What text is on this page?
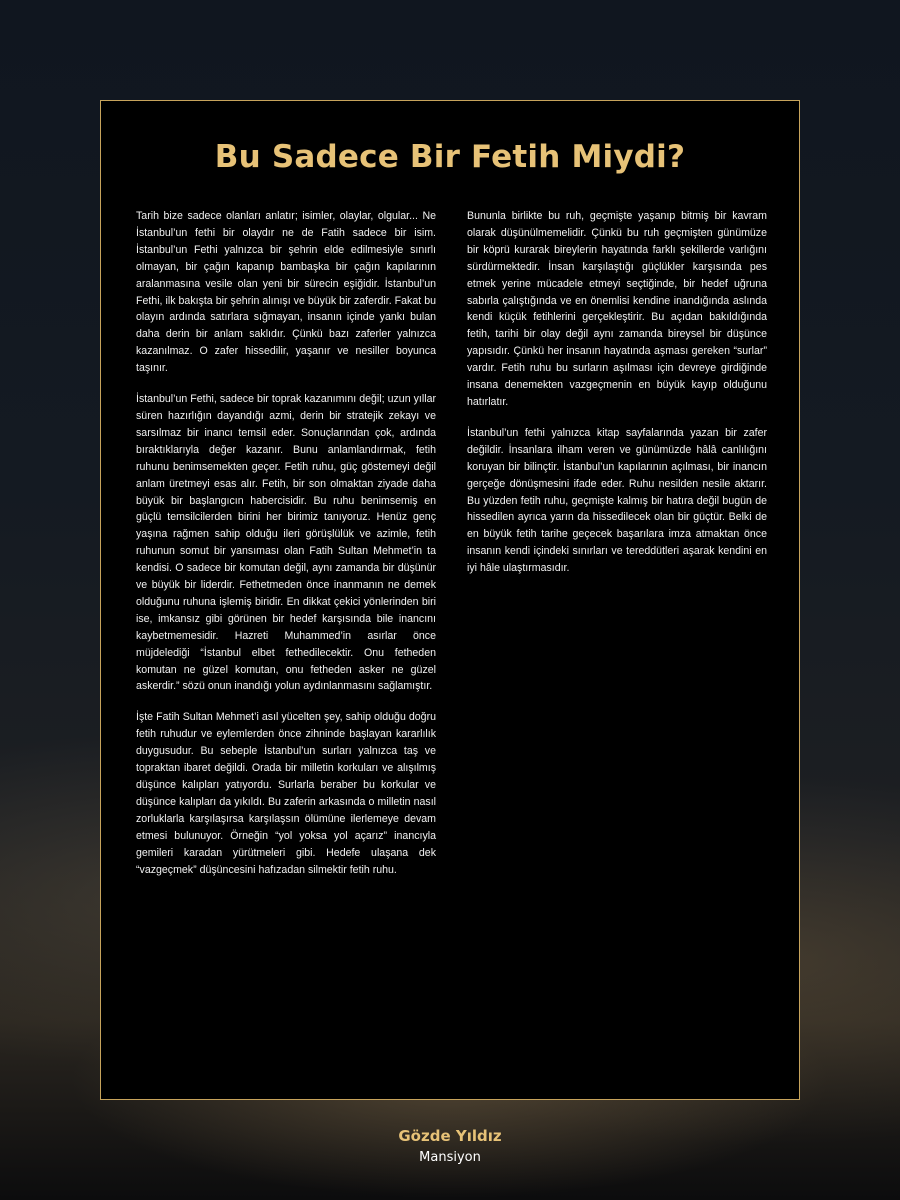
Bu Sadece Bir Fetih Miydi?

Tarih bize sadece olanları anlatır; isimler, olaylar, olgular... Ne İstanbul’un fethi bir olaydır ne de Fatih sadece bir isim. İstanbul’un Fethi yalnızca bir şehrin elde edilmesiyle sınırlı olmayan, bir çağın kapanıp bambaşka bir çağın kapılarının aralanmasına vesile olan yeni bir sürecin eşiğidir. İstanbul’un Fethi, ilk bakışta bir şehrin alınışı ve büyük bir zaferdir. Fakat bu olayın ardında satırlara sığmayan, insanın içinde yankı bulan daha derin bir anlam saklıdır. Çünkü bazı zaferler yalnızca kazanılmaz. O zafer hissedilir, yaşanır ve nesiller boyunca taşınır.

İstanbul’un Fethi, sadece bir toprak kazanımını değil; uzun yıllar süren hazırlığın dayandığı azmi, derin bir stratejik zekayı ve sarsılmaz bir inancı temsil eder. Sonuçlarından çok, ardında bıraktıklarıyla değer kazanır. Bunu anlamlandırmak, fetih ruhunu benimsemekten geçer. Fetih ruhu, güç göstemeyi değil anlam üretmeyi esas alır. Fetih, bir son olmaktan ziyade daha büyük bir başlangıcın habercisidir. Bu ruhu benimsemiş en güçlü temsilcilerden birini her birimiz tanıyoruz. Henüz genç yaşına rağmen sahip olduğu ileri görüşlülük ve azimle, fetih ruhunun somut bir yansıması olan Fatih Sultan Mehmet’in ta kendisi. O sadece bir komutan değil, aynı zamanda bir düşünür ve büyük bir liderdir. Fethetmeden önce inanmanın ne demek olduğunu ruhuna işlemiş biridir. En dikkat çekici yönlerinden biri ise, imkansız gibi görünen bir hedef karşısında bile inancını kaybetmemesidir. Hazreti Muhammed’in asırlar önce müjdelediği “İstanbul elbet fethedilecektir. Onu fetheden komutan ne güzel komutan, onu fetheden asker ne güzel askerdir.” sözü onun inandığı yolun aydınlanmasını sağlamıştır.

İşte Fatih Sultan Mehmet’i asıl yücelten şey, sahip olduğu doğru fetih ruhudur ve eylemlerden önce zihninde başlayan kararlılık duygusudur. Bu sebeple İstanbul’un surları yalnızca taş ve topraktan ibaret değildi. Orada bir milletin korkuları ve alışılmış düşünce kalıpları yatıyordu. Surlarla beraber bu korkular ve düşünce kalıpları da yıkıldı. Bu zaferin arkasında o milletin nasıl zorluklarla karşılaşırsa karşılaşsın ölümüne ilerlemeye devam etmesi bulunuyor. Örneğin “yol yoksa yol açarız” inancıyla gemileri karadan yürütmeleri gibi. Hedefe ulaşana dek “vazgeçmek” düşüncesini hafızadan silmektir fetih ruhu.

Bununla birlikte bu ruh, geçmişte yaşanıp bitmiş bir kavram olarak düşünülmemelidir. Çünkü bu ruh geçmişten günümüze bir köprü kurarak bireylerin hayatında farklı şekillerde varlığını sürdürmektedir. İnsan karşılaştığı güçlükler karşısında pes etmek yerine mücadele etmeyi seçtiğinde, bir hedef uğruna sabırla çalıştığında ve en önemlisi kendine inandığında aslında kendi küçük fetihlerini gerçekleştirir. Bu açıdan bakıldığında fetih, tarihi bir olay değil aynı zamanda bireysel bir düşünce yapısıdır. Çünkü her insanın hayatında aşması gereken “surlar” vardır. Fetih ruhu bu surların aşılması için devreye girdiğinde insana denemekten vazgeçmenin en büyük kayıp olduğunu hatırlatır.

İstanbul’un fethi yalnızca kitap sayfalarında yazan bir zafer değildir. İnsanlara ilham veren ve günümüzde hâlâ canlılığını koruyan bir bilinçtir. İstanbul’un kapılarının açılması, bir inancın gerçeğe dönüşmesini ifade eder. Ruhu nesilden nesile aktarır. Bu yüzden fetih ruhu, geçmişte kalmış bir hatıra değil bugün de hissedilen ayrıca yarın da hissedilecek olan bir güçtür. Belki de en büyük fetih tarihe geçecek başarılara imza atmaktan önce insanın kendi içindeki sınırları ve tereddütleri aşarak kendini en iyi hâle ulaştırmasıdır.

Gözde Yıldız
Mansiyon
